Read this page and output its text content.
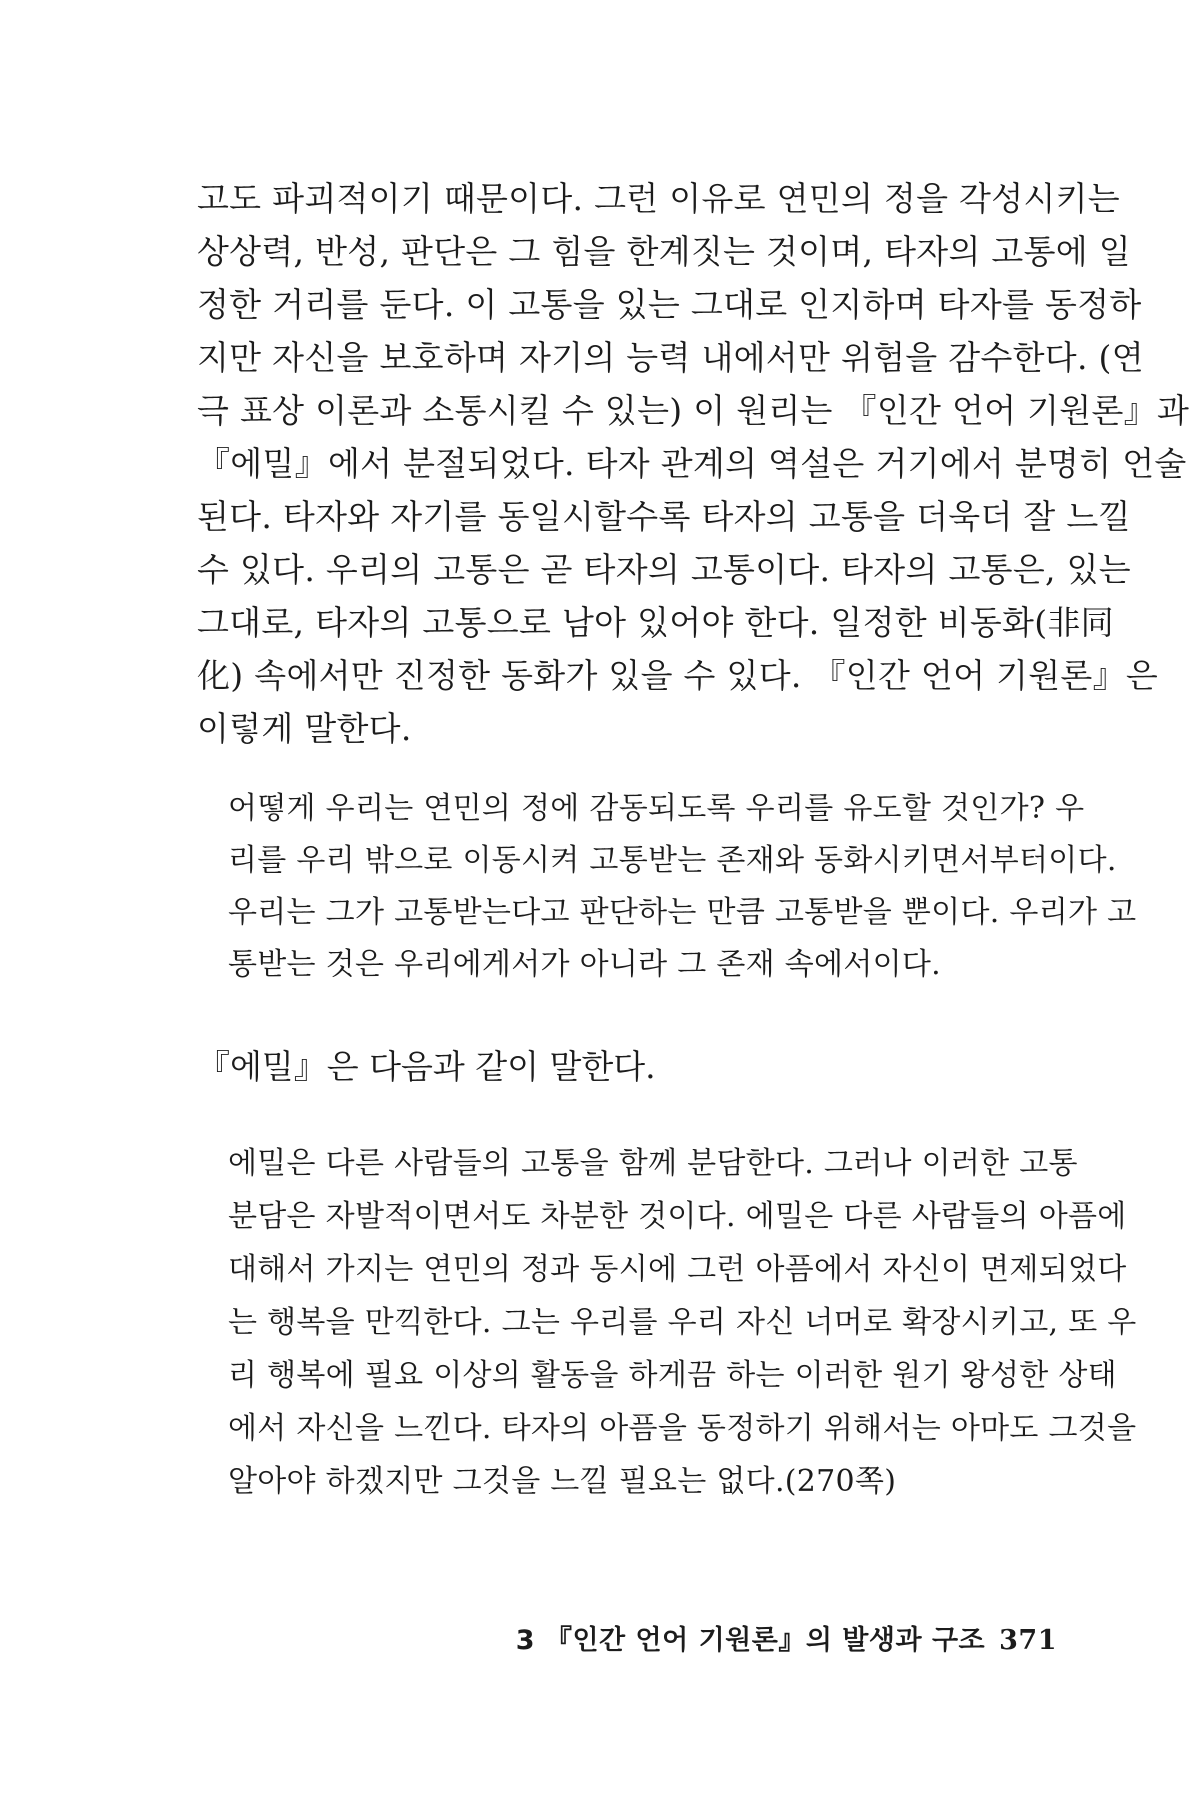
고도 파괴적이기 때문이다. 그런 이유로 연민의 정을 각성시키는
상상력, 반성, 판단은 그 힘을 한계짓는 것이며, 타자의 고통에 일
정한 거리를 둔다. 이 고통을 있는 그대로 인지하며 타자를 동정하
지만 자신을 보호하며 자기의 능력 내에서만 위험을 감수한다. (연
극 표상 이론과 소통시킬 수 있는) 이 원리는 『인간 언어 기원론』과
『에밀』에서 분절되었다. 타자 관계의 역설은 거기에서 분명히 언술
된다. 타자와 자기를 동일시할수록 타자의 고통을 더욱더 잘 느낄
수 있다. 우리의 고통은 곧 타자의 고통이다. 타자의 고통은, 있는
그대로, 타자의 고통으로 남아 있어야 한다. 일정한 비동화(非同
化) 속에서만 진정한 동화가 있을 수 있다. 『인간 언어 기원론』은
이렇게 말한다.
어떻게 우리는 연민의 정에 감동되도록 우리를 유도할 것인가? 우
리를 우리 밖으로 이동시켜 고통받는 존재와 동화시키면서부터이다.
우리는 그가 고통받는다고 판단하는 만큼 고통받을 뿐이다. 우리가 고
통받는 것은 우리에게서가 아니라 그 존재 속에서이다.
『에밀』은 다음과 같이 말한다.
에밀은 다른 사람들의 고통을 함께 분담한다. 그러나 이러한 고통
분담은 자발적이면서도 차분한 것이다. 에밀은 다른 사람들의 아픔에
대해서 가지는 연민의 정과 동시에 그런 아픔에서 자신이 면제되었다
는 행복을 만끽한다. 그는 우리를 우리 자신 너머로 확장시키고, 또 우
리 행복에 필요 이상의 활동을 하게끔 하는 이러한 원기 왕성한 상태
에서 자신을 느낀다. 타자의 아픔을 동정하기 위해서는 아마도 그것을
알아야 하겠지만 그것을 느낄 필요는 없다.(270쪽)
3 『인간 언어 기원론』의 발생과 구조 371
